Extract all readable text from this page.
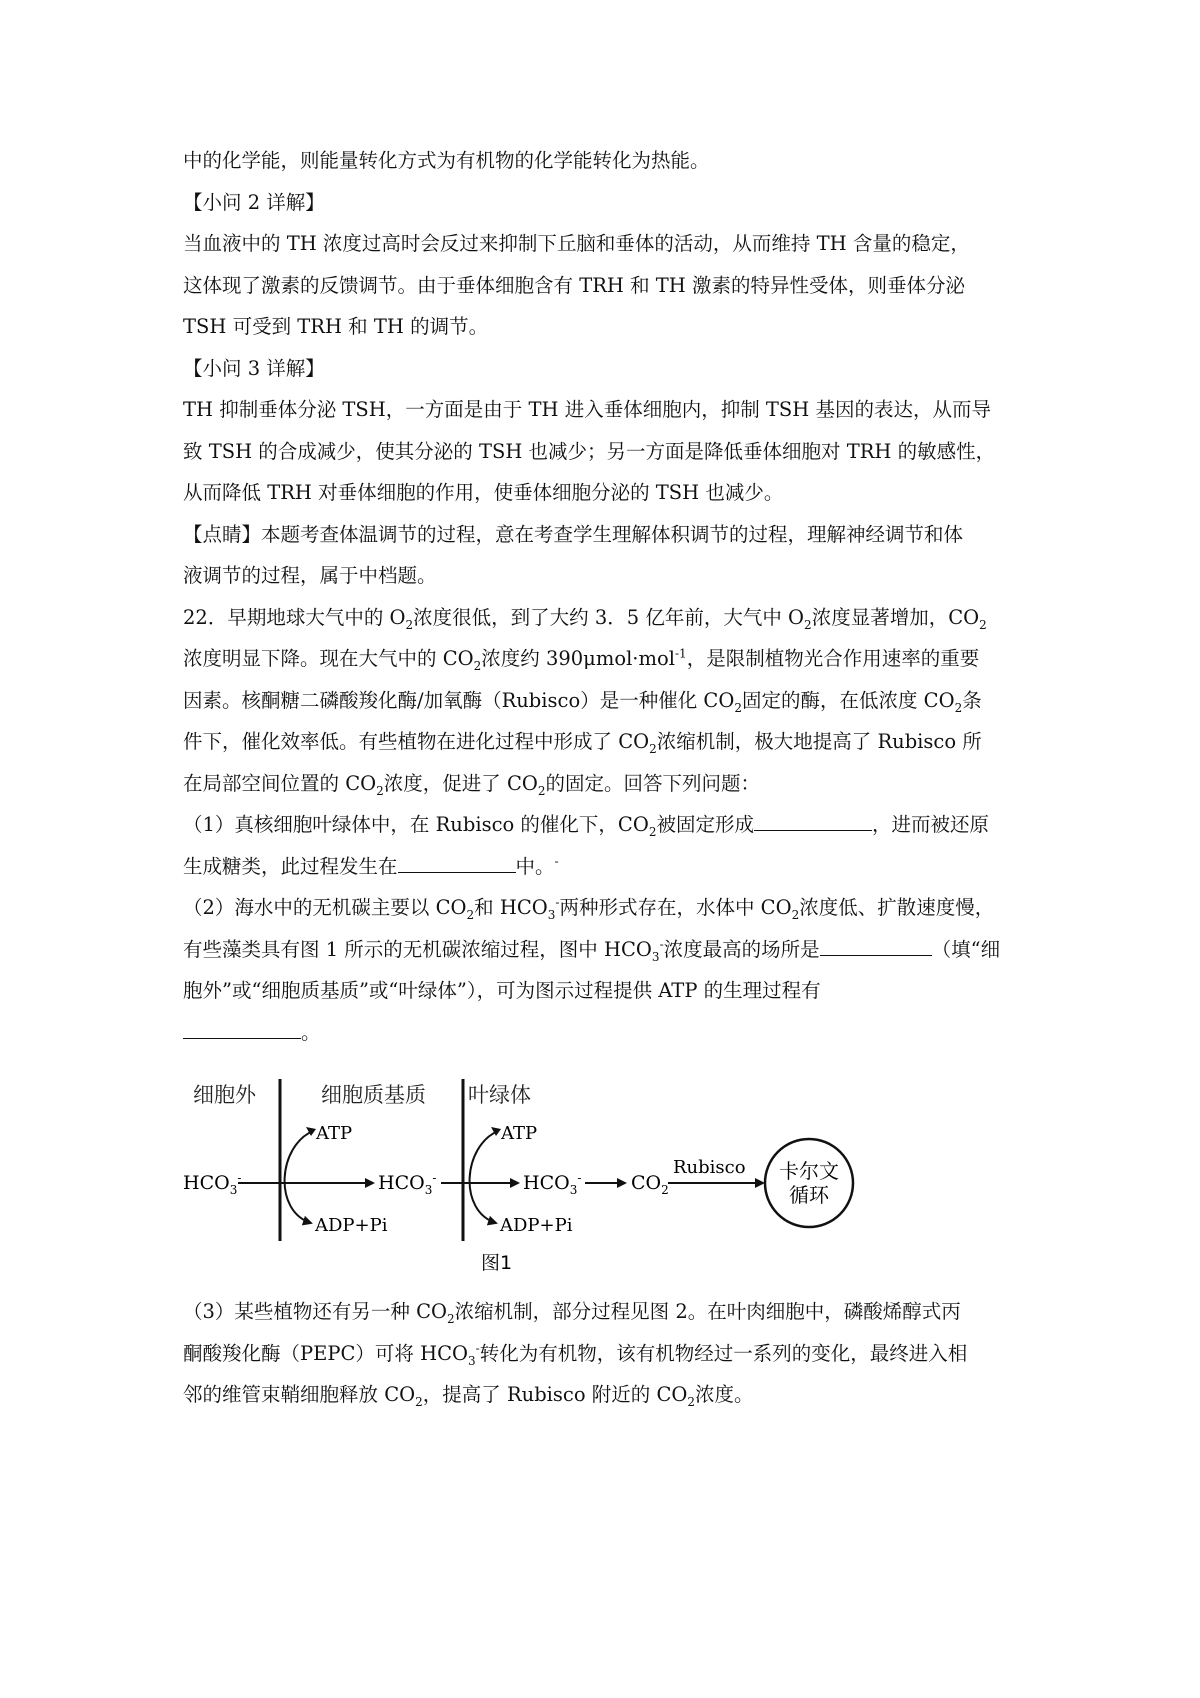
中的化学能，则能量转化方式为有机物的化学能转化为热能。

【小问 2 详解】

当血液中的 TH 浓度过高时会反过来抑制下丘脑和垂体的活动，从而维持 TH 含量的稳定，

这体现了激素的反馈调节。由于垂体细胞含有 TRH 和 TH 激素的特异性受体，则垂体分泌

TSH 可受到 TRH 和 TH 的调节。

【小问 3 详解】

TH 抑制垂体分泌 TSH，一方面是由于 TH 进入垂体细胞内，抑制 TSH 基因的表达，从而导

致 TSH 的合成减少，使其分泌的 TSH 也减少；另一方面是降低垂体细胞对 TRH 的敏感性，

从而降低 TRH 对垂体细胞的作用，使垂体细胞分泌的 TSH 也减少。

【点睛】本题考查体温调节的过程，意在考查学生理解体积调节的过程，理解神经调节和体

液调节的过程，属于中档题。

22．早期地球大气中的 $O_2$浓度很低，到了大约 3．5 亿年前，大气中 $O_2$浓度显著增加，$CO_2$

浓度明显下降。现在大气中的 $CO_2$浓度约 390μmol·mol$^{-1}$，是限制植物光合作用速率的重要

因素。核酮糖二磷酸羧化酶/加氧酶（Rubisco）是一种催化 $CO_2$固定的酶，在低浓度 $CO_2$条

件下，催化效率低。有些植物在进化过程中形成了 $CO_2$浓缩机制，极大地提高了 Rubisco 所

在局部空间位置的 $CO_2$浓度，促进了 $CO_2$的固定。回答下列问题：

（1）真核细胞叶绿体中，在 Rubisco 的催化下，$CO_2$被固定形成	，进而被还原

生成糖类，此过程发生在	中。-

（2）海水中的无机碳主要以 $CO_2$和 $HCO_3^-$两种形式存在，水体中 $CO_2$浓度低、扩散速度慢，

有些藻类具有图 1 所示的无机碳浓缩过程，图中 $HCO_3^-$浓度最高的场所是	（填“细

胞外”或“细胞质基质”或“叶绿体”），可为图示过程提供 ATP 的生理过程有

。

细胞外	细胞质基质 叶绿体
$HCO_3^-$
ATP
ADP+Pi
$HCO_3^-$
ATP
ADP+Pi
$HCO_3^-$	$CO_2$
Rubisco 卡尔文
循环
图1

（3）某些植物还有另一种 $CO_2$浓缩机制，部分过程见图 2。在叶肉细胞中，磷酸烯醇式丙

酮酸羧化酶（PEPC）可将 $HCO_3^-$转化为有机物，该有机物经过一系列的变化，最终进入相

邻的维管束鞘细胞释放 $CO_2$，提高了 Rubisco 附近的 $CO_2$浓度。
